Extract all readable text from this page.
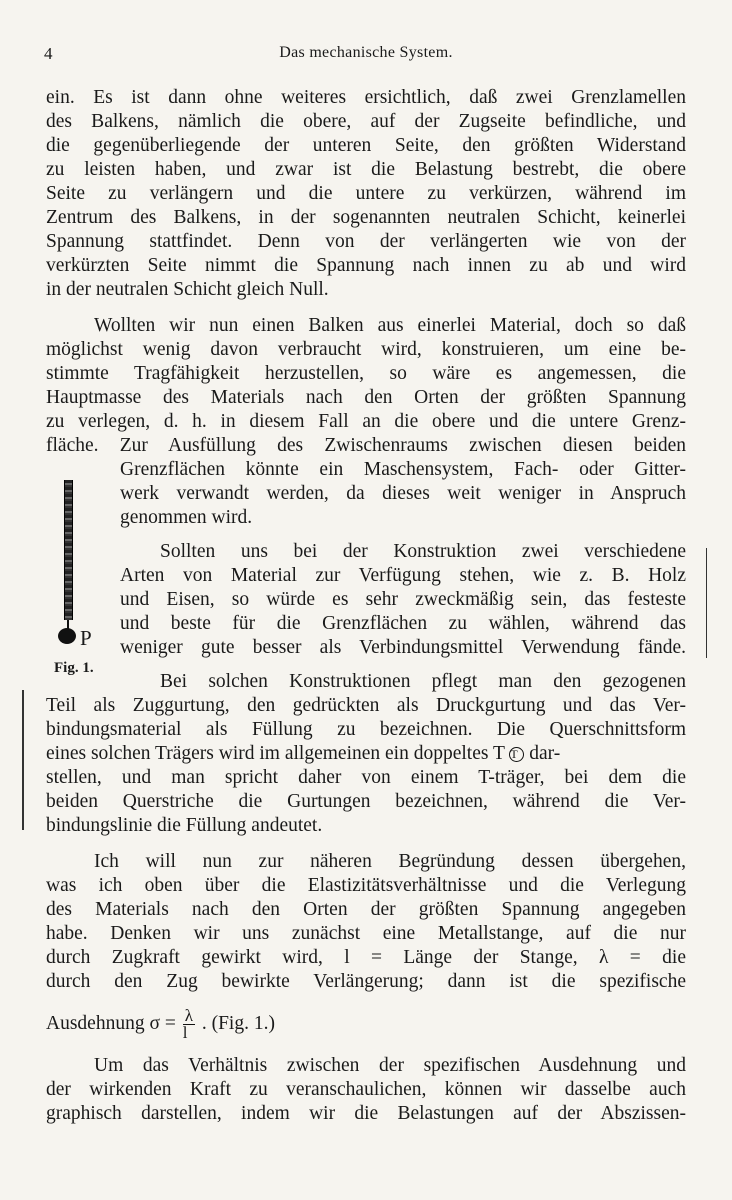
4	Das mechanische System.
ein. Es ist dann ohne weiteres ersichtlich, daß zwei Grenzlamellen
des Balkens, nämlich die obere, auf der Zugseite befindliche, und
die gegenüberliegende der unteren Seite, den größten Widerstand
zu leisten haben, und zwar ist die Belastung bestrebt, die obere
Seite zu verlängern und die untere zu verkürzen, während im
Zentrum des Balkens, in der sogenannten neutralen Schicht, keinerlei
Spannung stattfindet. Denn von der verlängerten wie von der
verkürzten Seite nimmt die Spannung nach innen zu ab und wird
in der neutralen Schicht gleich Null.
Wollten wir nun einen Balken aus einerlei Material, doch so daß
möglichst wenig davon verbraucht wird, konstruieren, um eine be-
stimmte Tragfähigkeit herzustellen, so wäre es angemessen, die
Hauptmasse des Materials nach den Orten der größten Spannung
zu verlegen, d. h. in diesem Fall an die obere und die untere Grenz-
fläche. Zur Ausfüllung des Zwischenraums zwischen diesen beiden
Grenzflächen könnte ein Maschensystem, Fach- oder Gitter-
werk verwandt werden, da dieses weit weniger in Anspruch
genommen wird.
Sollten uns bei der Konstruktion zwei verschiedene
Arten von Material zur Verfügung stehen, wie z. B. Holz
und Eisen, so würde es sehr zweckmäßig sein, das festeste
und beste für die Grenzflächen zu wählen, während das
weniger gute besser als Verbindungsmittel Verwendung fände.
Bei solchen Konstruktionen pflegt man den gezogenen
Teil als Zuggurtung, den gedrückten als Druckgurtung und das Ver-
bindungsmaterial als Füllung zu bezeichnen. Die Querschnittsform
eines solchen Trägers wird im allgemeinen ein doppeltes T T dar-
stellen, und man spricht daher von einem T-träger, bei dem die
beiden Querstriche die Gurtungen bezeichnen, während die Ver-
bindungslinie die Füllung andeutet.
Ich will nun zur näheren Begründung dessen übergehen,
was ich oben über die Elastizitätsverhältnisse und die Verlegung
des Materials nach den Orten der größten Spannung angegeben
habe. Denken wir uns zunächst eine Metallstange, auf die nur
durch Zugkraft gewirkt wird, l = Länge der Stange, λ = die
durch den Zug bewirkte Verlängerung; dann ist die spezifische
Ausdehnung $\sigma = \frac{\lambda}{l}$ . (Fig. 1.)
Um das Verhältnis zwischen der spezifischen Ausdehnung und
der wirkenden Kraft zu veranschaulichen, können wir dasselbe auch
graphisch darstellen, indem wir die Belastungen auf der Abszissen-
P
Fig. 1.
